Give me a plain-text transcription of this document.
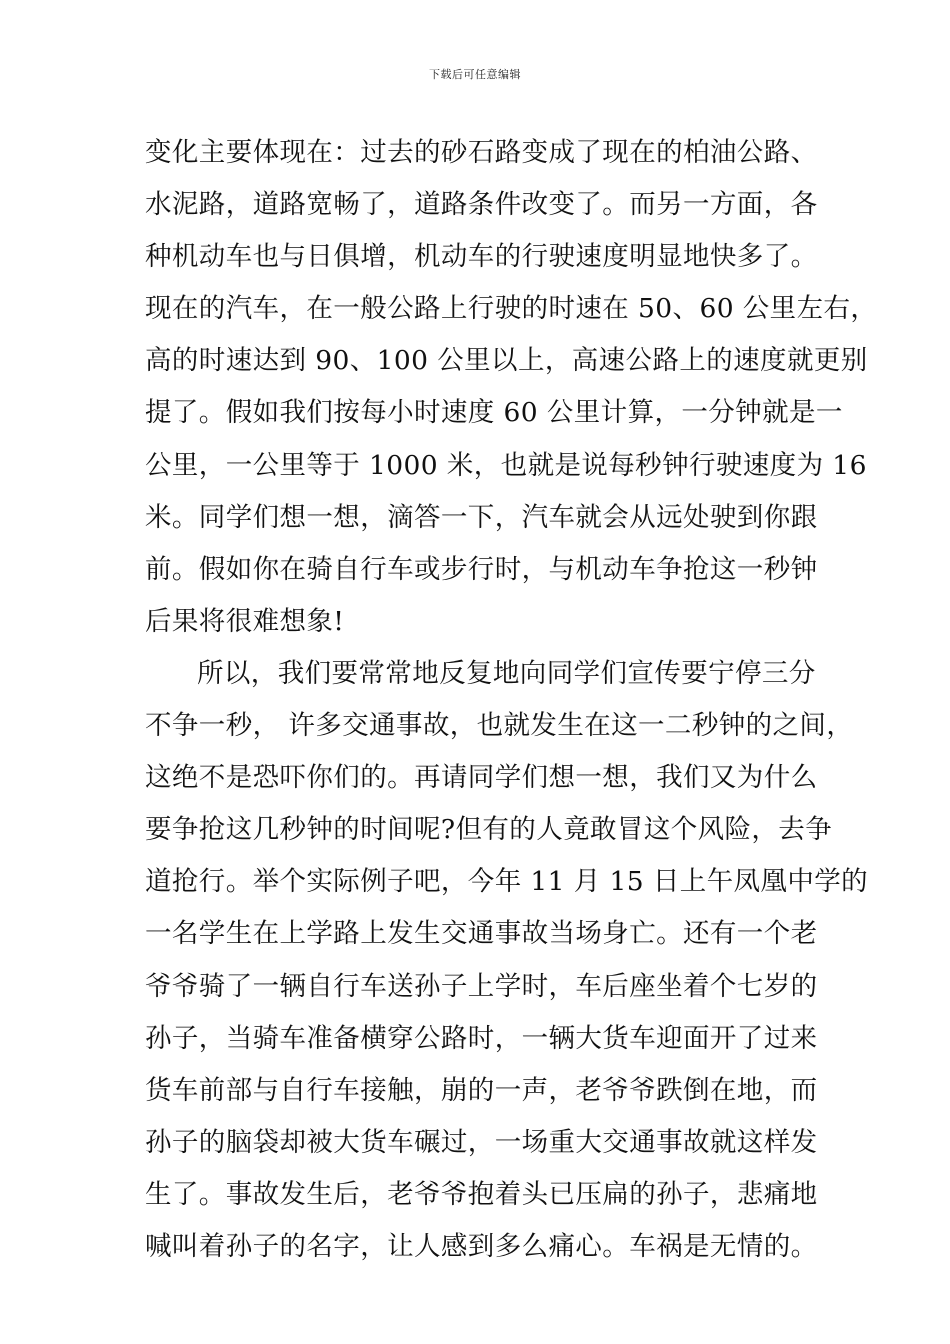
下载后可任意编辑
变化主要体现在：过去的砂石路变成了现在的柏油公路、
水泥路，道路宽畅了，道路条件改变了。而另一方面，各
种机动车也与日俱增，机动车的行驶速度明显地快多了。
现在的汽车，在一般公路上行驶的时速在 50、60 公里左右，
高的时速达到 90、100 公里以上，高速公路上的速度就更别
提了。假如我们按每小时速度 60 公里计算，一分钟就是一
公里，一公里等于 1000 米，也就是说每秒钟行驶速度为 16
米。同学们想一想，滴答一下，汽车就会从远处驶到你跟
前。假如你在骑自行车或步行时，与机动车争抢这一秒钟
后果将很难想象!
所以，我们要常常地反复地向同学们宣传要宁停三分
不争一秒， 许多交通事故，也就发生在这一二秒钟的之间，
这绝不是恐吓你们的。再请同学们想一想，我们又为什么
要争抢这几秒钟的时间呢?但有的人竟敢冒这个风险，去争
道抢行。举个实际例子吧，今年 11 月 15 日上午凤凰中学的
一名学生在上学路上发生交通事故当场身亡。还有一个老
爷爷骑了一辆自行车送孙子上学时，车后座坐着个七岁的
孙子，当骑车准备横穿公路时，一辆大货车迎面开了过来
货车前部与自行车接触，崩的一声，老爷爷跌倒在地，而
孙子的脑袋却被大货车碾过，一场重大交通事故就这样发
生了。事故发生后，老爷爷抱着头已压扁的孙子，悲痛地
喊叫着孙子的名字，让人感到多么痛心。车祸是无情的。
